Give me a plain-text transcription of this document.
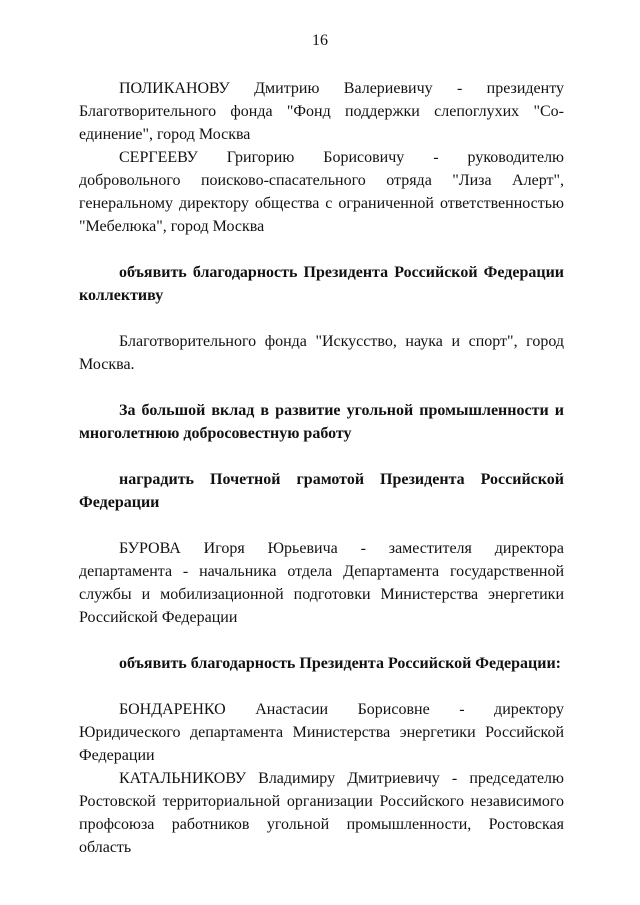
16

ПОЛИКАНОВУ Дмитрию Валериевичу - президенту Благотворительного фонда "Фонд поддержки слепоглухих "Со-единение", город Москва

СЕРГЕЕВУ Григорию Борисовичу - руководителю добровольного поисково-спасательного отряда "Лиза Алерт", генеральному директору общества с ограниченной ответственностью "Мебелюка", город Москва

объявить благодарность Президента Российской Федерации коллективу

Благотворительного фонда "Искусство, наука и спорт", город Москва.

За большой вклад в развитие угольной промышленности и многолетнюю добросовестную работу

наградить Почетной грамотой Президента Российской Федерации

БУРОВА Игоря Юрьевича - заместителя директора департамента - начальника отдела Департамента государственной службы и мобилизационной подготовки Министерства энергетики Российской Федерации

объявить благодарность Президента Российской Федерации:

БОНДАРЕНКО Анастасии Борисовне - директору Юридического департамента Министерства энергетики Российской Федерации

КАТАЛЬНИКОВУ Владимиру Дмитриевичу - председателю Ростовской территориальной организации Российского независимого профсоюза работников угольной промышленности, Ростовская область
